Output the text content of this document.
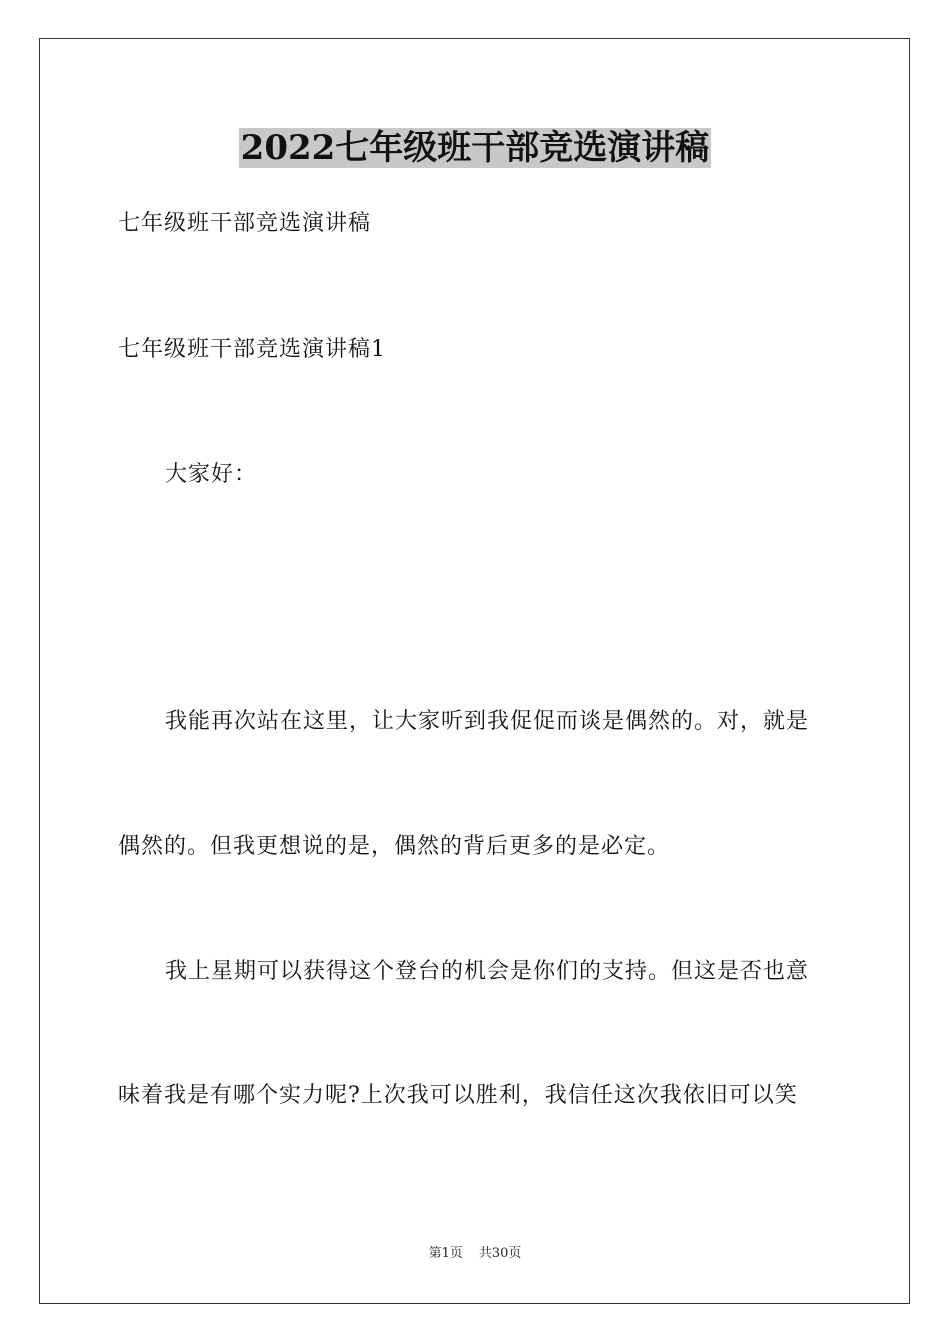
2022七年级班干部竞选演讲稿
七年级班干部竞选演讲稿
七年级班干部竞选演讲稿1
大家好：
我能再次站在这里，让大家听到我促促而谈是偶然的。对，就是
偶然的。但我更想说的是，偶然的背后更多的是必定。
我上星期可以获得这个登台的机会是你们的支持。但这是否也意
味着我是有哪个实力呢?上次我可以胜利，我信任这次我依旧可以笑
第1页 共30页
